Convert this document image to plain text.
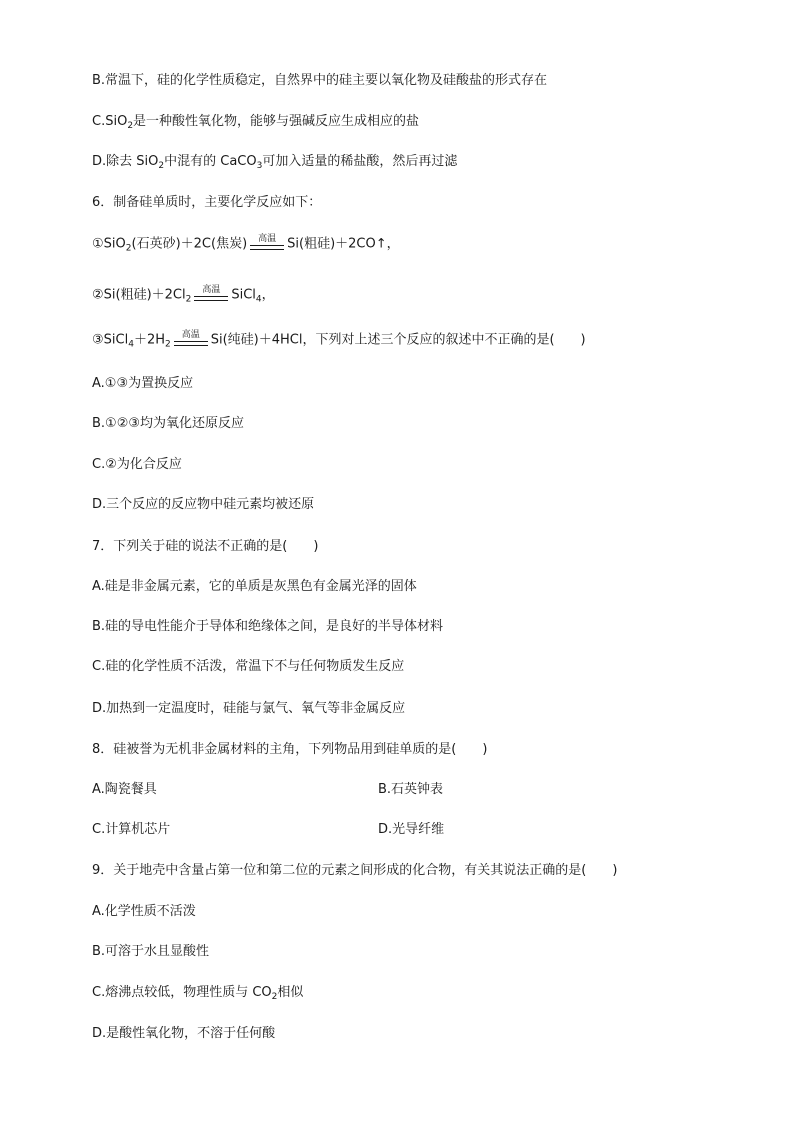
B.常温下，硅的化学性质稳定，自然界中的硅主要以氧化物及硅酸盐的形式存在
C.SiO$_2$是一种酸性氧化物，能够与强碱反应生成相应的盐
D.除去 SiO$_2$中混有的 CaCO$_3$可加入适量的稀盐酸，然后再过滤
6．制备硅单质时，主要化学反应如下：
①SiO$_2$(石英砂)＋2C(焦炭)	高温 Si(粗硅)＋2CO↑，
②Si(粗硅)$+2Cl_2$
高温 SiCl$_4$，
$③SiCl_4+2H_2$
高温 Si(纯硅)＋4HCl，下列对上述三个反应的叙述中不正确的是(　　)
A.①③为置换反应
B.①②③均为氧化还原反应
C.②为化合反应
D.三个反应的反应物中硅元素均被还原
7．下列关于硅的说法不正确的是(　　)
A.硅是非金属元素，它的单质是灰黑色有金属光泽的固体
B.硅的导电性能介于导体和绝缘体之间，是良好的半导体材料
C.硅的化学性质不活泼，常温下不与任何物质发生反应
D.加热到一定温度时，硅能与氯气、氧气等非金属反应
8．硅被誉为无机非金属材料的主角，下列物品用到硅单质的是(　　)
A.陶瓷餐具	B.石英钟表
C.计算机芯片	D.光导纤维
9．关于地壳中含量占第一位和第二位的元素之间形成的化合物，有关其说法正确的是(　　)
A.化学性质不活泼
B.可溶于水且显酸性
C.熔沸点较低，物理性质与 $CO_2$相似
D.是酸性氧化物，不溶于任何酸
